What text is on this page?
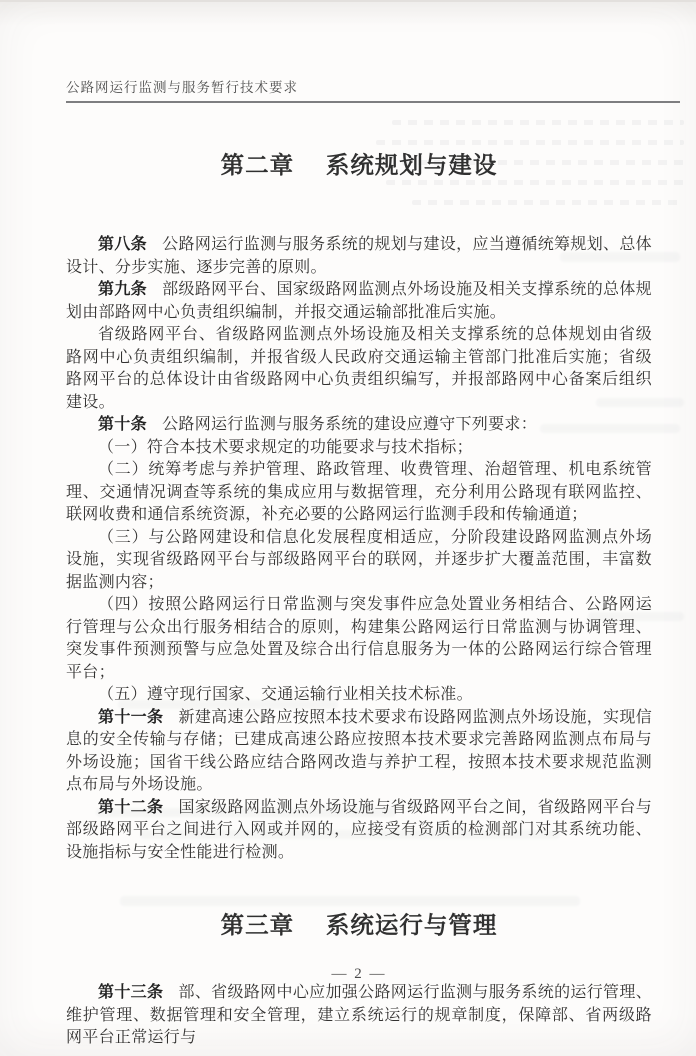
公路网运行监测与服务暂行技术要求
第二章 系统规划与建设

第八条 公路网运行监测与服务系统的规划与建设，应当遵循统筹规划、总体设计、分步实施、逐步完善的原则。

第九条 部级路网平台、国家级路网监测点外场设施及相关支撑系统的总体规划由部路网中心负责组织编制，并报交通运输部批准后实施。

省级路网平台、省级路网监测点外场设施及相关支撑系统的总体规划由省级路网中心负责组织编制，并报省级人民政府交通运输主管部门批准后实施；省级路网平台的总体设计由省级路网中心负责组织编写，并报部路网中心备案后组织建设。

第十条 公路网运行监测与服务系统的建设应遵守下列要求：

（一）符合本技术要求规定的功能要求与技术指标；

（二）统筹考虑与养护管理、路政管理、收费管理、治超管理、机电系统管理、交通情况调查等系统的集成应用与数据管理，充分利用公路现有联网监控、联网收费和通信系统资源，补充必要的公路网运行监测手段和传输通道；

（三）与公路网建设和信息化发展程度相适应，分阶段建设路网监测点外场设施，实现省级路网平台与部级路网平台的联网，并逐步扩大覆盖范围，丰富数据监测内容；

（四）按照公路网运行日常监测与突发事件应急处置业务相结合、公路网运行管理与公众出行服务相结合的原则，构建集公路网运行日常监测与协调管理、突发事件预测预警与应急处置及综合出行信息服务为一体的公路网运行综合管理平台；

（五）遵守现行国家、交通运输行业相关技术标准。

第十一条 新建高速公路应按照本技术要求布设路网监测点外场设施，实现信息的安全传输与存储；已建成高速公路应按照本技术要求完善路网监测点布局与外场设施；国省干线公路应结合路网改造与养护工程，按照本技术要求规范监测点布局与外场设施。

第十二条 国家级路网监测点外场设施与省级路网平台之间，省级路网平台与部级路网平台之间进行入网或并网的，应接受有资质的检测部门对其系统功能、设施指标与安全性能进行检测。

第三章 系统运行与管理

第十三条 部、省级路网中心应加强公路网运行监测与服务系统的运行管理、维护管理、数据管理和安全管理，建立系统运行的规章制度，保障部、省两级路网平台正常运行与

— 2 —
